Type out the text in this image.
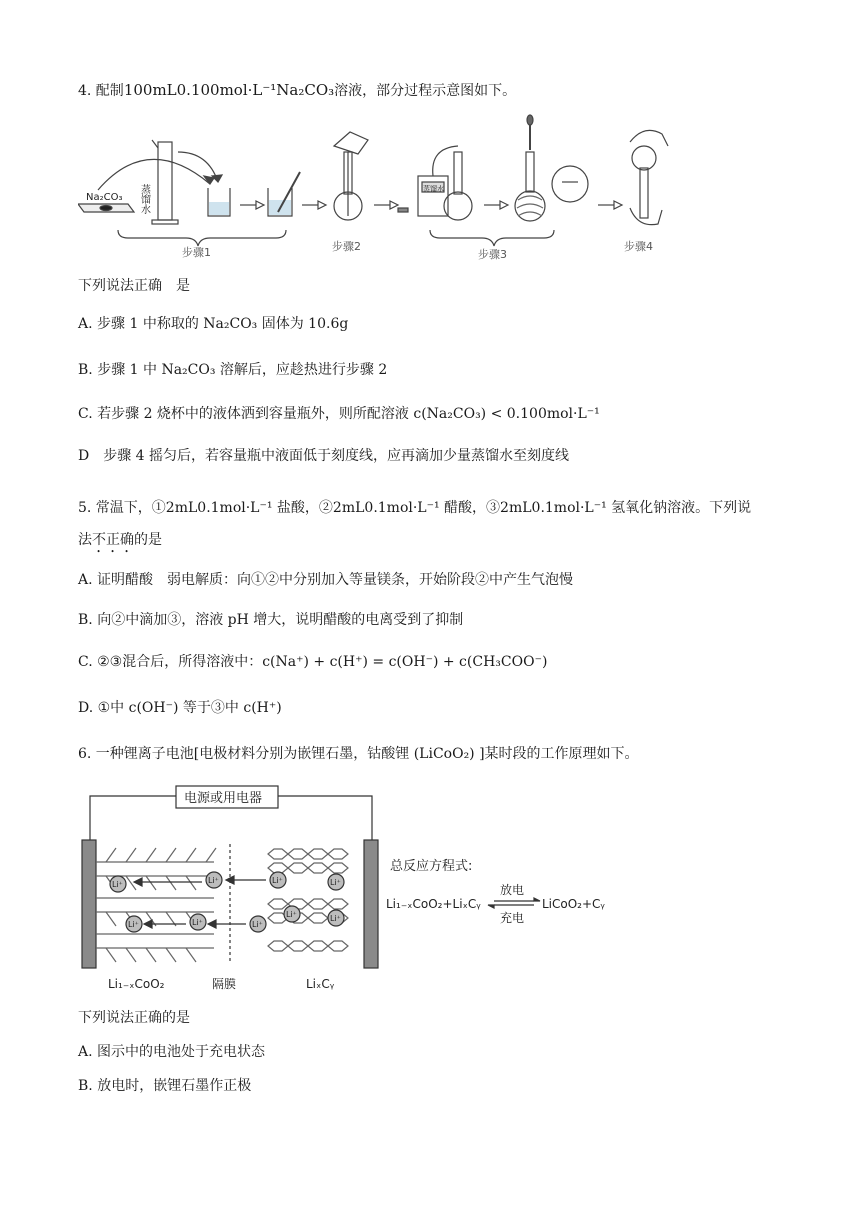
4. 配制100mL0.100mol·L⁻¹Na₂CO₃溶液，部分过程示意图如下。
Na₂CO₃ 蒸馏水	蒸馏水
步骤1	步骤2
步骤3
步骤4
下列说法正确　是
A. 步骤 1 中称取的 Na₂CO₃ 固体为 10.6g
B. 步骤 1 中 Na₂CO₃ 溶解后，应趁热进行步骤 2
C. 若步骤 2 烧杯中的液体洒到容量瓶外，则所配溶液 c(Na₂CO₃) < 0.100mol·L⁻¹
D　步骤 4 摇匀后，若容量瓶中液面低于刻度线，应再滴加少量蒸馏水至刻度线
5. 常温下，①2mL0.1mol·L⁻¹ 盐酸，②2mL0.1mol·L⁻¹ 醋酸，③2mL0.1mol·L⁻¹ 氢氧化钠溶液。下列说
法不正确的是
A. 证明醋酸　弱电解质：向①②中分别加入等量镁条，开始阶段②中产生气泡慢
B. 向②中滴加③，溶液 pH 增大，说明醋酸的电离受到了抑制
C. ②③混合后，所得溶液中：c(Na⁺) + c(H⁺) = c(OH⁻) + c(CH₃COO⁻)
D. ①中 c(OH⁻) 等于③中 c(H⁺)
6. 一种锂离子电池[电极材料分别为嵌锂石墨，钴酸锂 (LiCoO₂) ]某时段的工作原理如下。
Li⁺
Li⁺
Li⁺
Li⁺
Li⁺
Li⁺
Li⁺
Li⁺	Li⁺
电源或用电器
Li₁₋ₓCoO₂	隔膜	LiₓCᵧ
总反应方程式:
Li₁₋ₓCoO₂+LiₓCᵧ	LiCoO₂+Cᵧ
放电
充电
下列说法正确的是
A. 图示中的电池处于充电状态
B. 放电时，嵌锂石墨作正极
